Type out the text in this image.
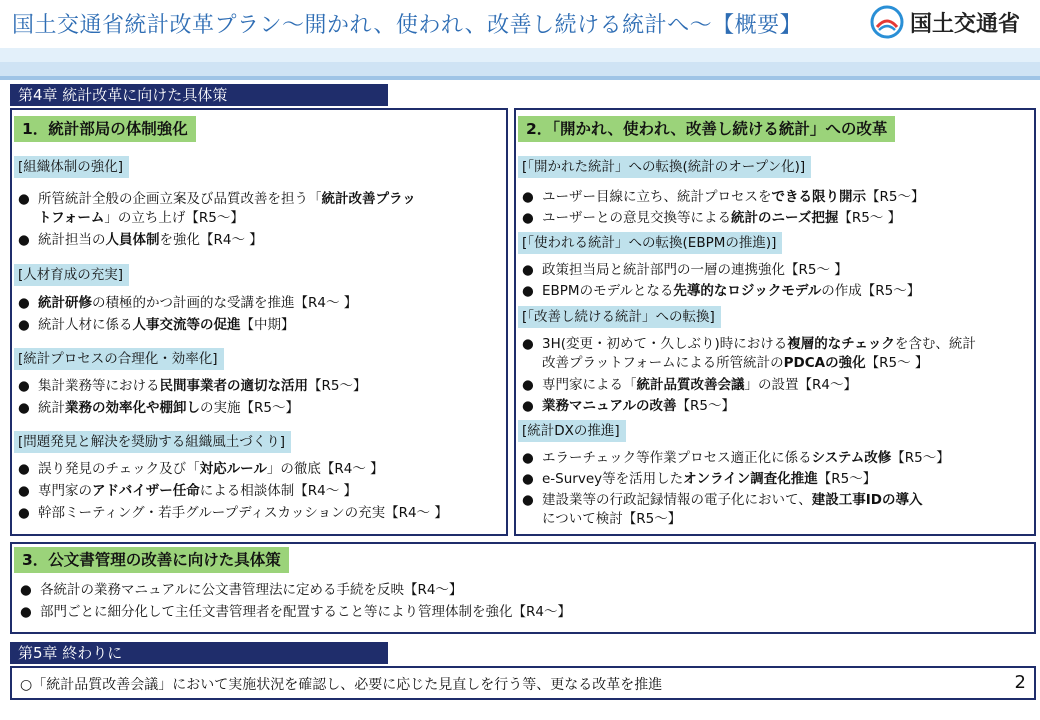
国土交通省統計改革プラン〜開かれ、使われ、改善し続ける統計へ〜【概要】	国土交通省
第4章 統計改革に向けた具体策
1．統計部局の体制強化
[組織体制の強化]
● 所管統計全般の企画立案及び品質改善を担う「統計改善プラッ
トフォーム」の立ち上げ【R5〜】
● 統計担当の人員体制を強化【R4〜 】
[人材育成の充実]
● 統計研修の積極的かつ計画的な受講を推進【R4〜 】
● 統計人材に係る人事交流等の促進【中期】
[統計プロセスの合理化・効率化]
● 集計業務等における民間事業者の適切な活用【R5〜】
● 統計業務の効率化や棚卸しの実施【R5〜】
[問題発見と解決を奨励する組織風土づくり]
● 誤り発見のチェック及び「対応ルール」の徹底【R4〜 】
● 専門家のアドバイザー任命による相談体制【R4〜 】
● 幹部ミーティング・若手グループディスカッションの充実【R4〜 】
2．「開かれ、使われ、改善し続ける統計」への改革
[「開かれた統計」への転換(統計のオープン化)]
● ユーザー目線に立ち、統計プロセスをできる限り開示【R5〜】
● ユーザーとの意見交換等による統計のニーズ把握【R5〜 】
[「使われる統計」への転換(EBPMの推進)]
● 政策担当局と統計部門の一層の連携強化【R5〜 】
● EBPMのモデルとなる先導的なロジックモデルの作成【R5〜】
[「改善し続ける統計」への転換]
● 3H(変更・初めて・久しぶり)時における複層的なチェックを含む、統計
改善プラットフォームによる所管統計のPDCAの強化【R5〜 】
● 専門家による「統計品質改善会議」の設置【R4〜】
● 業務マニュアルの改善【R5〜】
[統計DXの推進]
● エラーチェック等作業プロセス適正化に係るシステム改修【R5〜】
● e-Survey等を活用したオンライン調査化推進【R5〜】
● 建設業等の行政記録情報の電子化において、建設工事IDの導入
について検討【R5〜】
3．公文書管理の改善に向けた具体策
● 各統計の業務マニュアルに公文書管理法に定める手続を反映【R4〜】
● 部門ごとに細分化して主任文書管理者を配置すること等により管理体制を強化【R4〜】
第5章 終わりに
○「統計品質改善会議」において実施状況を確認し、必要に応じた見直しを行う等、更なる改革を推進	2
